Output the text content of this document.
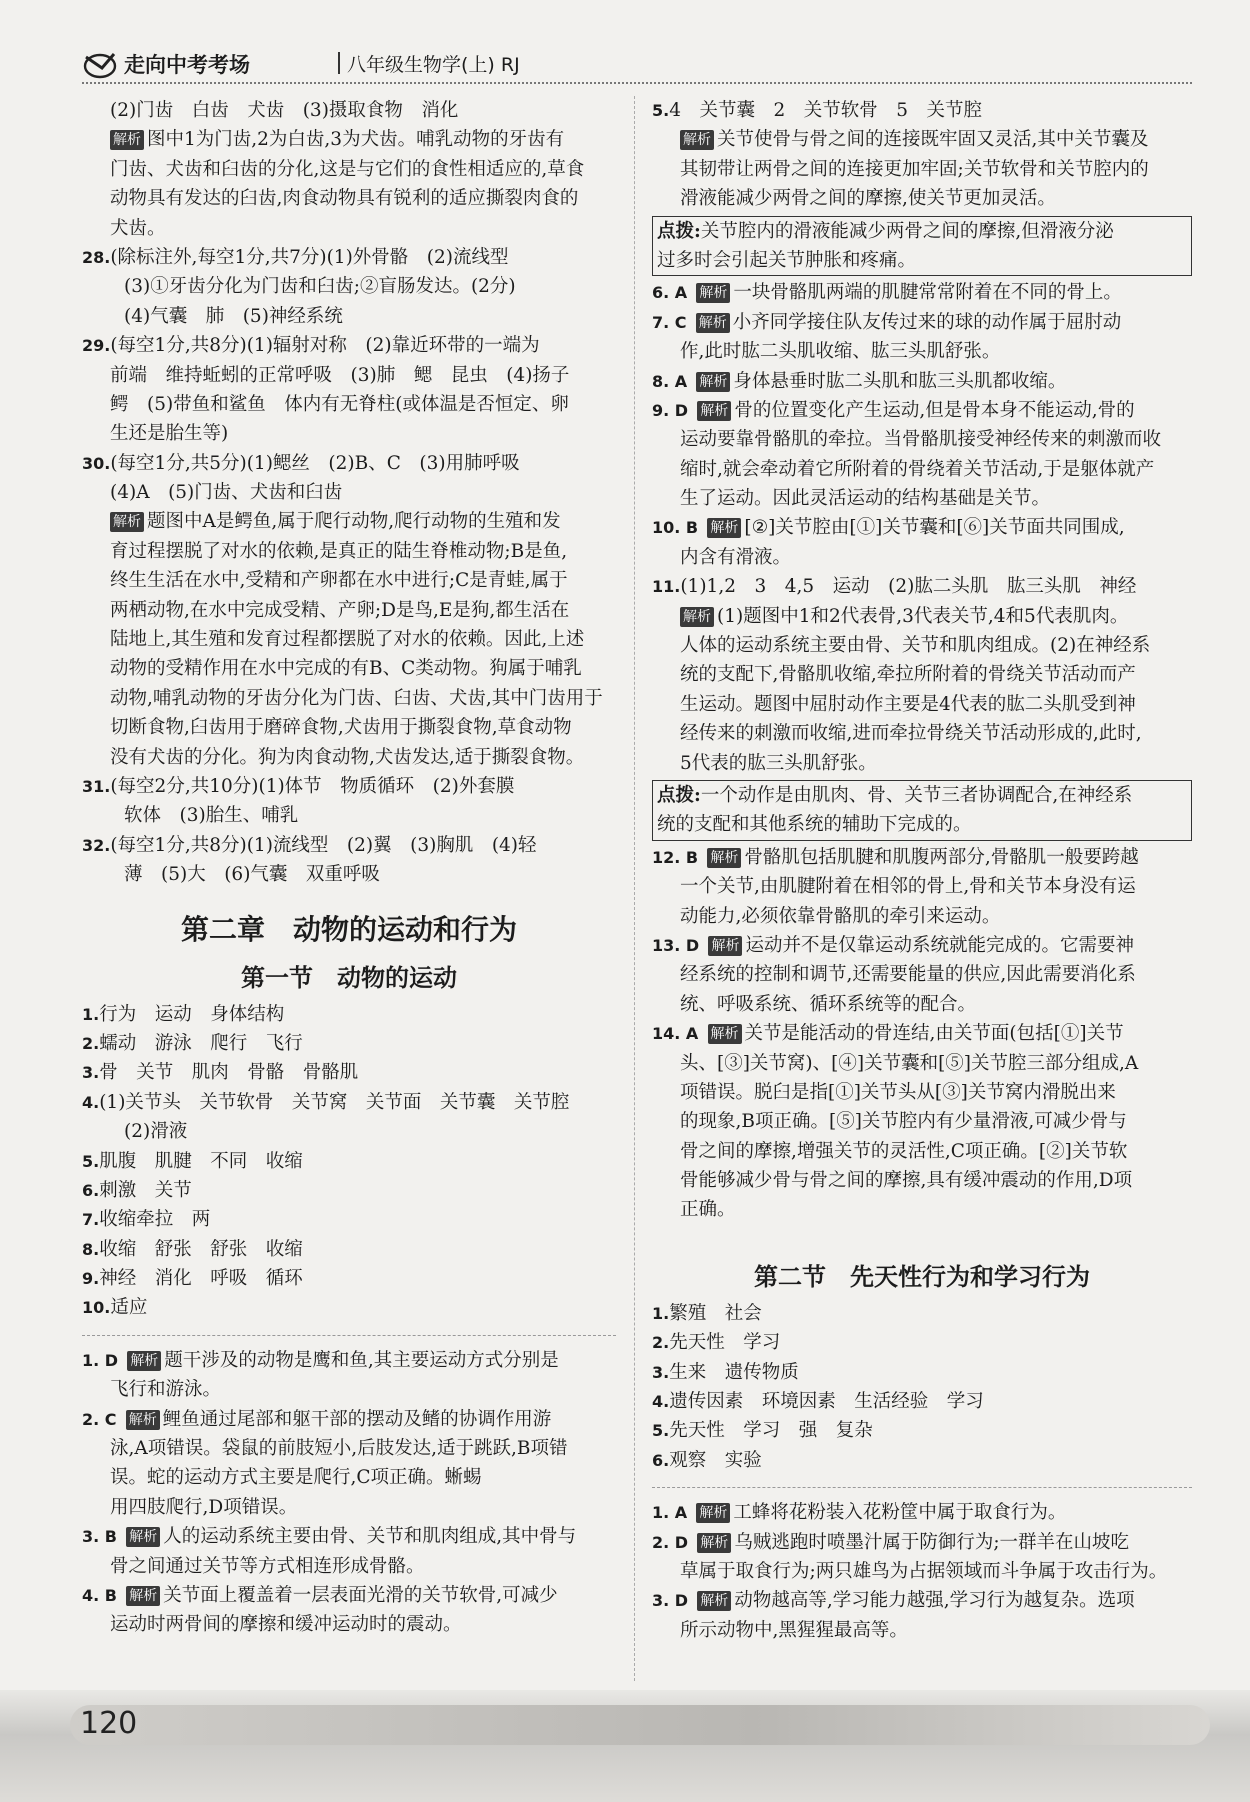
走向中考考场	八年级生物学(上) RJ
(2)门齿　白齿　犬齿　(3)摄取食物　消化
解析 图中1为门齿,2为白齿,3为犬齿。哺乳动物的牙齿有
门齿、犬齿和臼齿的分化,这是与它们的食性相适应的,草食
动物具有发达的臼齿,肉食动物具有锐利的适应撕裂肉食的
犬齿。
28.(除标注外,每空1分,共7分)(1)外骨骼　(2)流线型
(3)①牙齿分化为门齿和臼齿;②盲肠发达。(2分)
(4)气囊　肺　(5)神经系统
29.(每空1分,共8分)(1)辐射对称　(2)靠近环带的一端为
前端　维持蚯蚓的正常呼吸　(3)肺　鳃　昆虫　(4)扬子
鳄　(5)带鱼和鲨鱼　体内有无脊柱(或体温是否恒定、卵
生还是胎生等)
30.(每空1分,共5分)(1)鳃丝　(2)B、C　(3)用肺呼吸
(4)A　(5)门齿、犬齿和臼齿
解析 题图中A是鳄鱼,属于爬行动物,爬行动物的生殖和发
育过程摆脱了对水的依赖,是真正的陆生脊椎动物;B是鱼,
终生生活在水中,受精和产卵都在水中进行;C是青蛙,属于
两栖动物,在水中完成受精、产卵;D是鸟,E是狗,都生活在
陆地上,其生殖和发育过程都摆脱了对水的依赖。因此,上述
动物的受精作用在水中完成的有B、C类动物。狗属于哺乳
动物,哺乳动物的牙齿分化为门齿、臼齿、犬齿,其中门齿用于
切断食物,臼齿用于磨碎食物,犬齿用于撕裂食物,草食动物
没有犬齿的分化。狗为肉食动物,犬齿发达,适于撕裂食物。
31.(每空2分,共10分)(1)体节　物质循环　(2)外套膜
软体　(3)胎生、哺乳
32.(每空1分,共8分)(1)流线型　(2)翼　(3)胸肌　(4)轻
薄　(5)大　(6)气囊　双重呼吸
第二章　动物的运动和行为
第一节　动物的运动
1.行为　运动　身体结构
2.蠕动　游泳　爬行　飞行
3.骨　关节　肌肉　骨骼　骨骼肌
4.(1)关节头　关节软骨　关节窝　关节面　关节囊　关节腔
(2)滑液
5.肌腹　肌腱　不同　收缩
6.刺激　关节
7.收缩牵拉　两
8.收缩　舒张　舒张　收缩
9.神经　消化　呼吸　循环
10.适应
1. D  解析 题干涉及的动物是鹰和鱼,其主要运动方式分别是
飞行和游泳。
2. C  解析 鲤鱼通过尾部和躯干部的摆动及鳍的协调作用游
泳,A项错误。袋鼠的前肢短小,后肢发达,适于跳跃,B项错
误。蛇的运动方式主要是爬行,C项正确。蜥蜴
用四肢爬行,D项错误。
3. B  解析 人的运动系统主要由骨、关节和肌肉组成,其中骨与
骨之间通过关节等方式相连形成骨骼。
4. B  解析 关节面上覆盖着一层表面光滑的关节软骨,可减少
运动时两骨间的摩擦和缓冲运动时的震动。
5.4　关节囊　2　关节软骨　5　关节腔
解析 关节使骨与骨之间的连接既牢固又灵活,其中关节囊及
其韧带让两骨之间的连接更加牢固;关节软骨和关节腔内的
滑液能减少两骨之间的摩擦,使关节更加灵活。
点拨:关节腔内的滑液能减少两骨之间的摩擦,但滑液分泌
过多时会引起关节肿胀和疼痛。
6. A  解析 一块骨骼肌两端的肌腱常常附着在不同的骨上。
7. C  解析 小齐同学接住队友传过来的球的动作属于屈肘动
作,此时肱二头肌收缩、肱三头肌舒张。
8. A  解析 身体悬垂时肱二头肌和肱三头肌都收缩。
9. D  解析 骨的位置变化产生运动,但是骨本身不能运动,骨的
运动要靠骨骼肌的牵拉。当骨骼肌接受神经传来的刺激而收
缩时,就会牵动着它所附着的骨绕着关节活动,于是躯体就产
生了运动。因此灵活运动的结构基础是关节。
10. B  解析 [②]关节腔由[①]关节囊和[⑥]关节面共同围成,
内含有滑液。
11.(1)1,2　3　4,5　运动　(2)肱二头肌　肱三头肌　神经
解析 (1)题图中1和2代表骨,3代表关节,4和5代表肌肉。
人体的运动系统主要由骨、关节和肌肉组成。(2)在神经系
统的支配下,骨骼肌收缩,牵拉所附着的骨绕关节活动而产
生运动。题图中屈肘动作主要是4代表的肱二头肌受到神
经传来的刺激而收缩,进而牵拉骨绕关节活动形成的,此时,
5代表的肱三头肌舒张。
点拨:一个动作是由肌肉、骨、关节三者协调配合,在神经系
统的支配和其他系统的辅助下完成的。
12. B  解析 骨骼肌包括肌腱和肌腹两部分,骨骼肌一般要跨越
一个关节,由肌腱附着在相邻的骨上,骨和关节本身没有运
动能力,必须依靠骨骼肌的牵引来运动。
13. D  解析 运动并不是仅靠运动系统就能完成的。它需要神
经系统的控制和调节,还需要能量的供应,因此需要消化系
统、呼吸系统、循环系统等的配合。
14. A  解析 关节是能活动的骨连结,由关节面(包括[①]关节
头、[③]关节窝)、[④]关节囊和[⑤]关节腔三部分组成,A
项错误。脱臼是指[①]关节头从[③]关节窝内滑脱出来
的现象,B项正确。[⑤]关节腔内有少量滑液,可减少骨与
骨之间的摩擦,增强关节的灵活性,C项正确。[②]关节软
骨能够减少骨与骨之间的摩擦,具有缓冲震动的作用,D项
正确。
第二节　先天性行为和学习行为
1.繁殖　社会
2.先天性　学习
3.生来　遗传物质
4.遗传因素　环境因素　生活经验　学习
5.先天性　学习　强　复杂
6.观察　实验
1. A  解析 工蜂将花粉装入花粉筐中属于取食行为。
2. D  解析 乌贼逃跑时喷墨汁属于防御行为;一群羊在山坡吃
草属于取食行为;两只雄鸟为占据领域而斗争属于攻击行为。
3. D  解析 动物越高等,学习能力越强,学习行为越复杂。选项
所示动物中,黑猩猩最高等。
120
